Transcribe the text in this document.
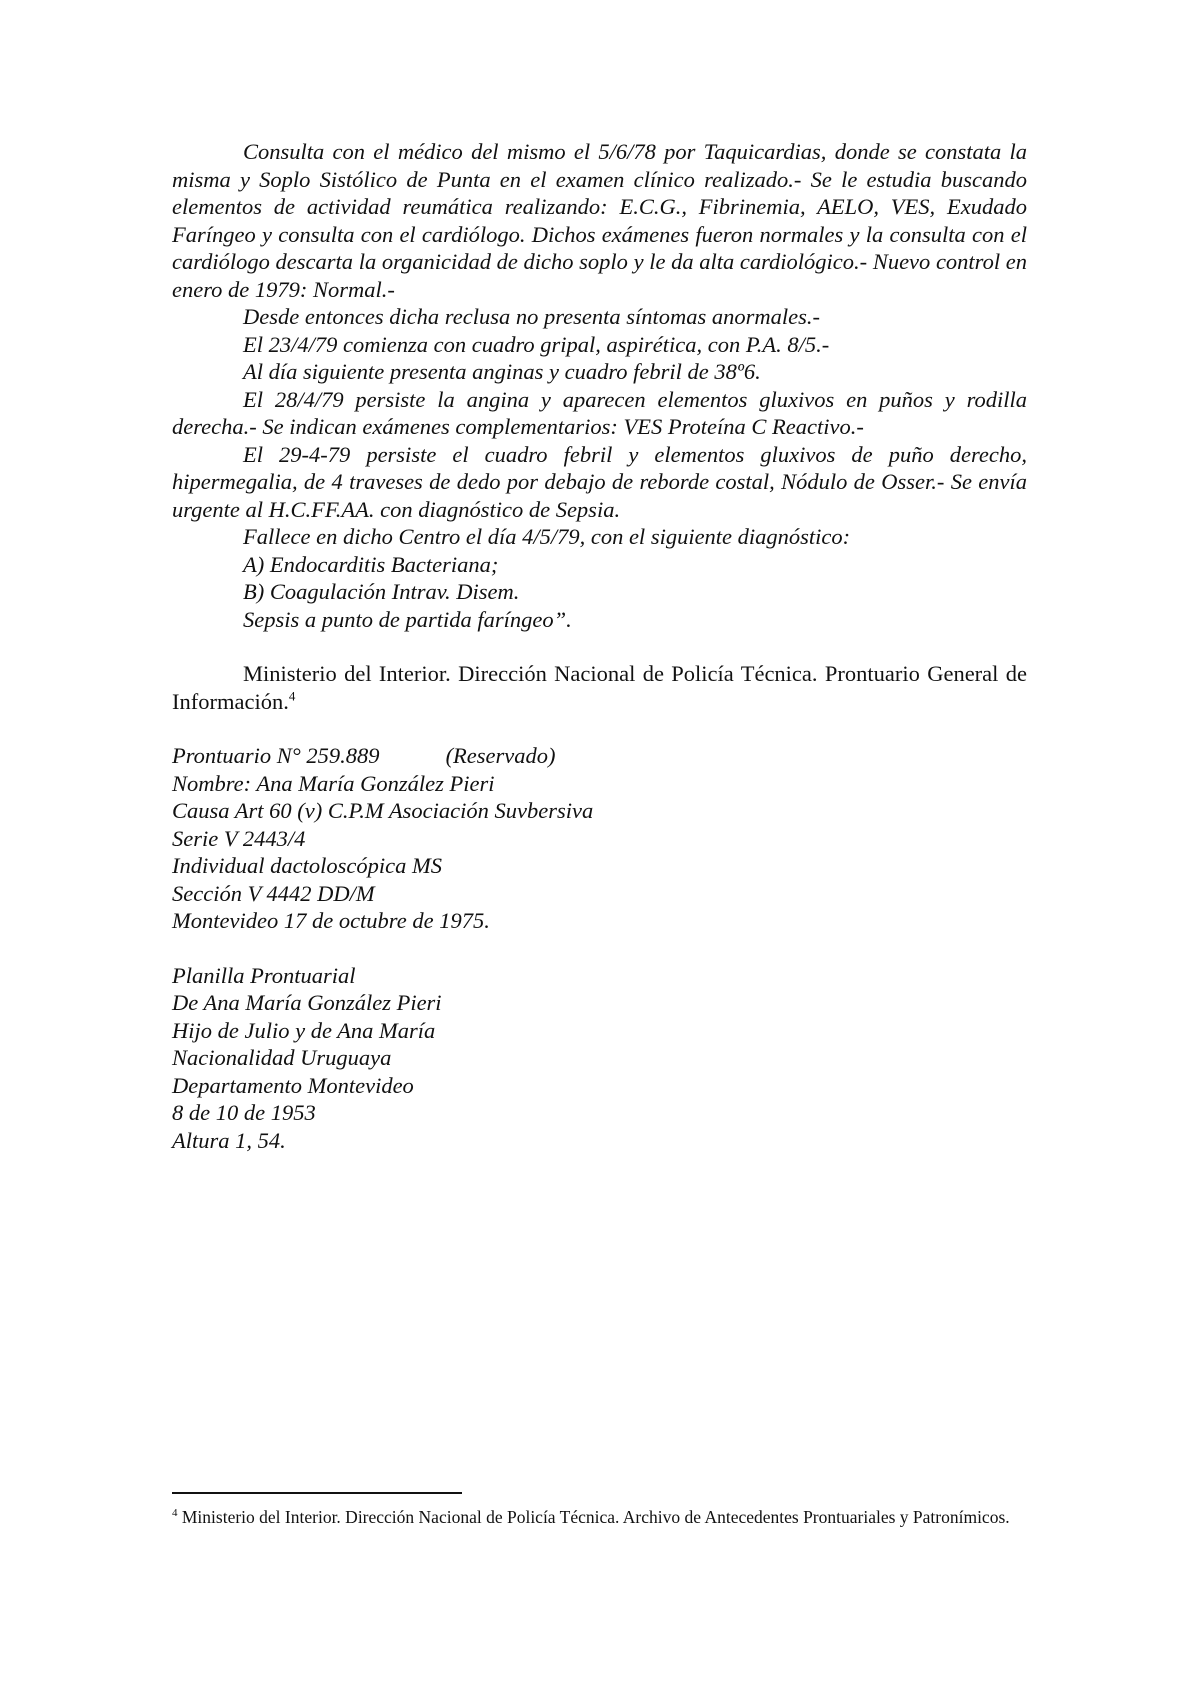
Consulta con el médico del mismo el 5/6/78 por Taquicardias, donde se constata la misma y Soplo Sistólico de Punta en el examen clínico realizado.- Se le estudia buscando elementos de actividad reumática realizando: E.C.G., Fibrinemia, AELO, VES, Exudado Faríngeo y consulta con el cardiólogo. Dichos exámenes fueron normales y la consulta con el cardiólogo descarta la organicidad de dicho soplo y le da alta cardiológico.- Nuevo control en enero de 1979: Normal.-

Desde entonces dicha reclusa no presenta síntomas anormales.-

El 23/4/79 comienza con cuadro gripal, aspirética, con P.A. 8/5.-

Al día siguiente presenta anginas y cuadro febril de 38º6.

El 28/4/79 persiste la angina y aparecen elementos gluxivos en puños y rodilla derecha.- Se indican exámenes complementarios: VES Proteína C Reactivo.-

El 29-4-79 persiste el cuadro febril y elementos gluxivos de puño derecho, hipermegalia, de 4 traveses de dedo por debajo de reborde costal, Nódulo de Osser.- Se envía urgente al H.C.FF.AA. con diagnóstico de Sepsia.

Fallece en dicho Centro el día 4/5/79, con el siguiente diagnóstico:

A) Endocarditis Bacteriana;

B) Coagulación Intrav. Disem.

Sepsis a punto de partida faríngeo”.

Ministerio del Interior. Dirección Nacional de Policía Técnica. Prontuario General de Información.$^4$

Prontuario N° 259.889	(Reservado)

Nombre: Ana María González Pieri

Causa Art 60 (v) C.P.M Asociación Suvbersiva

Serie V 2443/4

Individual dactoloscópica MS

Sección V 4442 DD/M

Montevideo 17 de octubre de 1975.

Planilla Prontuarial

De Ana María González Pieri

Hijo de Julio y de Ana María

Nacionalidad Uruguaya

Departamento Montevideo

8 de 10 de 1953

Altura 1, 54.

$^4$ Ministerio del Interior. Dirección Nacional de Policía Técnica. Archivo de Antecedentes Prontuariales y Patronímicos.
